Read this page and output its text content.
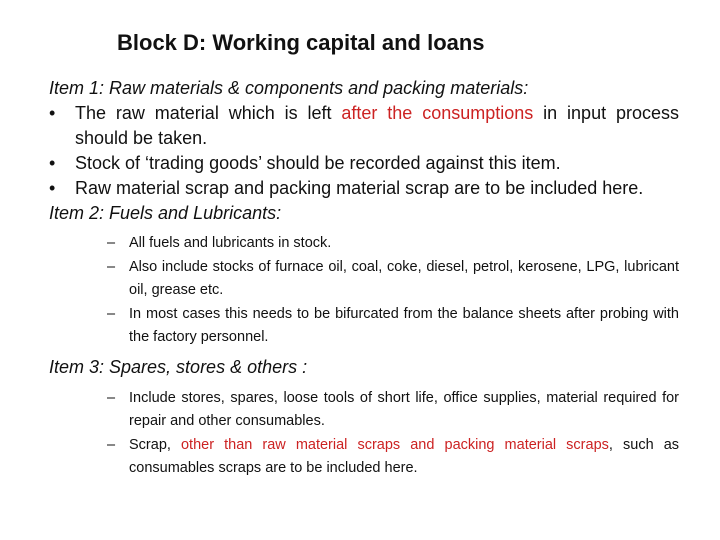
Block D: Working capital and loans
Item 1: Raw materials & components and packing materials:
• The raw material which is left after the consumptions in input process should be taken.
• Stock of ‘trading goods’ should be recorded against this item.
• Raw material scrap and packing material scrap are to be included here.
Item 2: Fuels and Lubricants:
– All fuels and lubricants in stock.
– Also include stocks of furnace oil, coal, coke, diesel, petrol, kerosene, LPG, lubricant oil, grease etc.
– In most cases this needs to be bifurcated from the balance sheets after probing with the factory personnel.
Item 3: Spares, stores & others :
– Include stores, spares, loose tools of short life, office supplies, material required for repair and other consumables.
– Scrap, other than raw material scraps and packing material scraps, such as consumables scraps are to be included here.
